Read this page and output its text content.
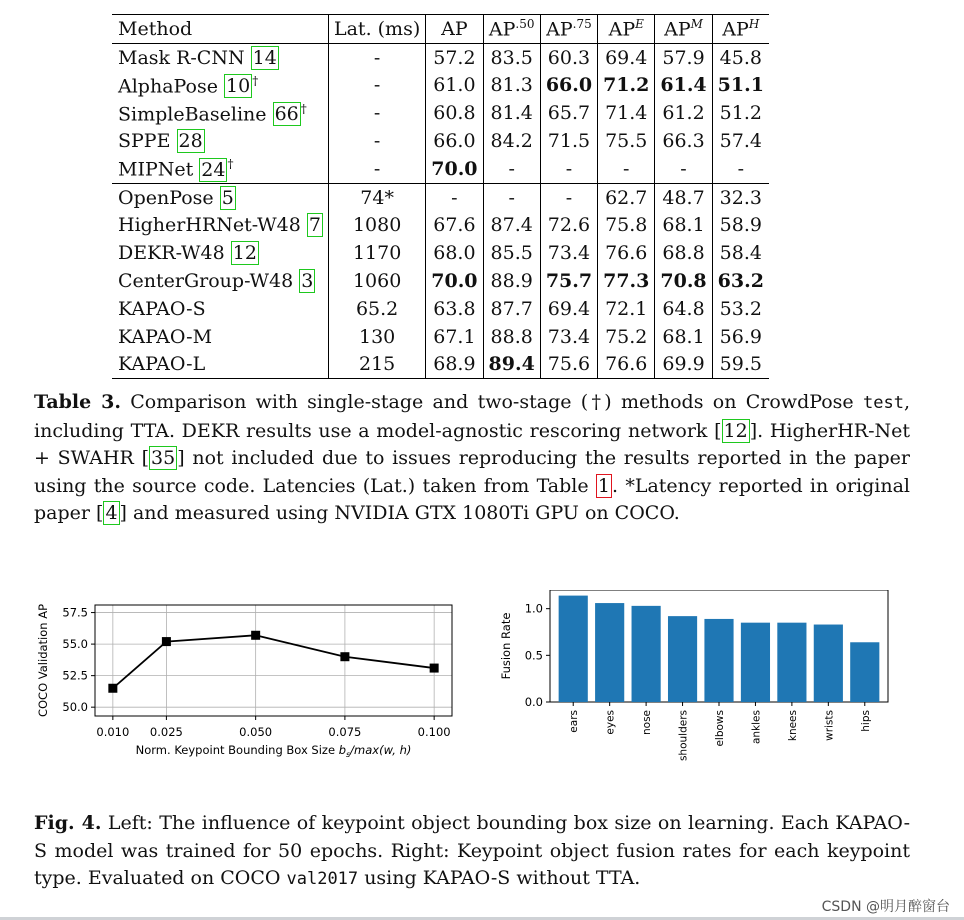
Method	Lat. (ms)	AP	$AP^{.50}$	$AP^{.75}$	$AP^E$	$AP^M$	$AP^H$
Mask R-CNN 14	-	57.2	83.5	60.3	69.4	57.9	45.8
AlphaPose 10 †	-	61.0	81.3	66.0	71.2	61.4	51.1
SimpleBaseline 66 †	-	60.8	81.4	65.7	71.4	61.2	51.2
SPPE 28	-	66.0	84.2	71.5	75.5	66.3	57.4
MIPNet 24 †	-	70.0	-	-	-	-	-
OpenPose 5	74*	-	-	-	62.7	48.7	32.3
HigherHRNet-W48 7	1080	67.6	87.4	72.6	75.8	68.1	58.9
DEKR-W48 12	1170	68.0	85.5	73.4	76.6	68.8	58.4
CenterGroup-W48 3	1060	70.0	88.9	75.7	77.3	70.8	63.2
KAPAO-S	65.2	63.8	87.7	69.4	72.1	64.8	53.2
KAPAO-M	130	67.1	88.8	73.4	75.2	68.1	56.9
KAPAO-L	215	68.9	89.4	75.6	76.6	69.9	59.5
Table 3. Comparison with single-stage and two-stage (†) methods on CrowdPose test, including TTA. DEKR results use a model-agnostic rescoring network [ 12 ]. HigherHR-Net + SWAHR [ 35 ] not included due to issues reproducing the results reported in the paper using the source code. Latencies (Lat.) taken from Table 1 . *Latency reported in original paper [ 4 ] and measured using NVIDIA GTX 1080Ti GPU on COCO.
0.010 0.025	0.050	0.075	0.100
50.0
52.5
55.0
57.5
Norm. Keypoint Bounding Box Size $b_s/\max(w$, h)
COCO Validation AP	0.0
0.5
1.0
ears eyes nose shoulders elbows ankles knees wrists hips
Fusion Rate
Fig. 4. Left: The influence of keypoint object bounding box size on learning. Each KAPAO-S model was trained for 50 epochs. Right: Keypoint object fusion rates for each keypoint type. Evaluated on COCO val2017 using KAPAO-S without TTA.
CSDN @明月醉窗台
